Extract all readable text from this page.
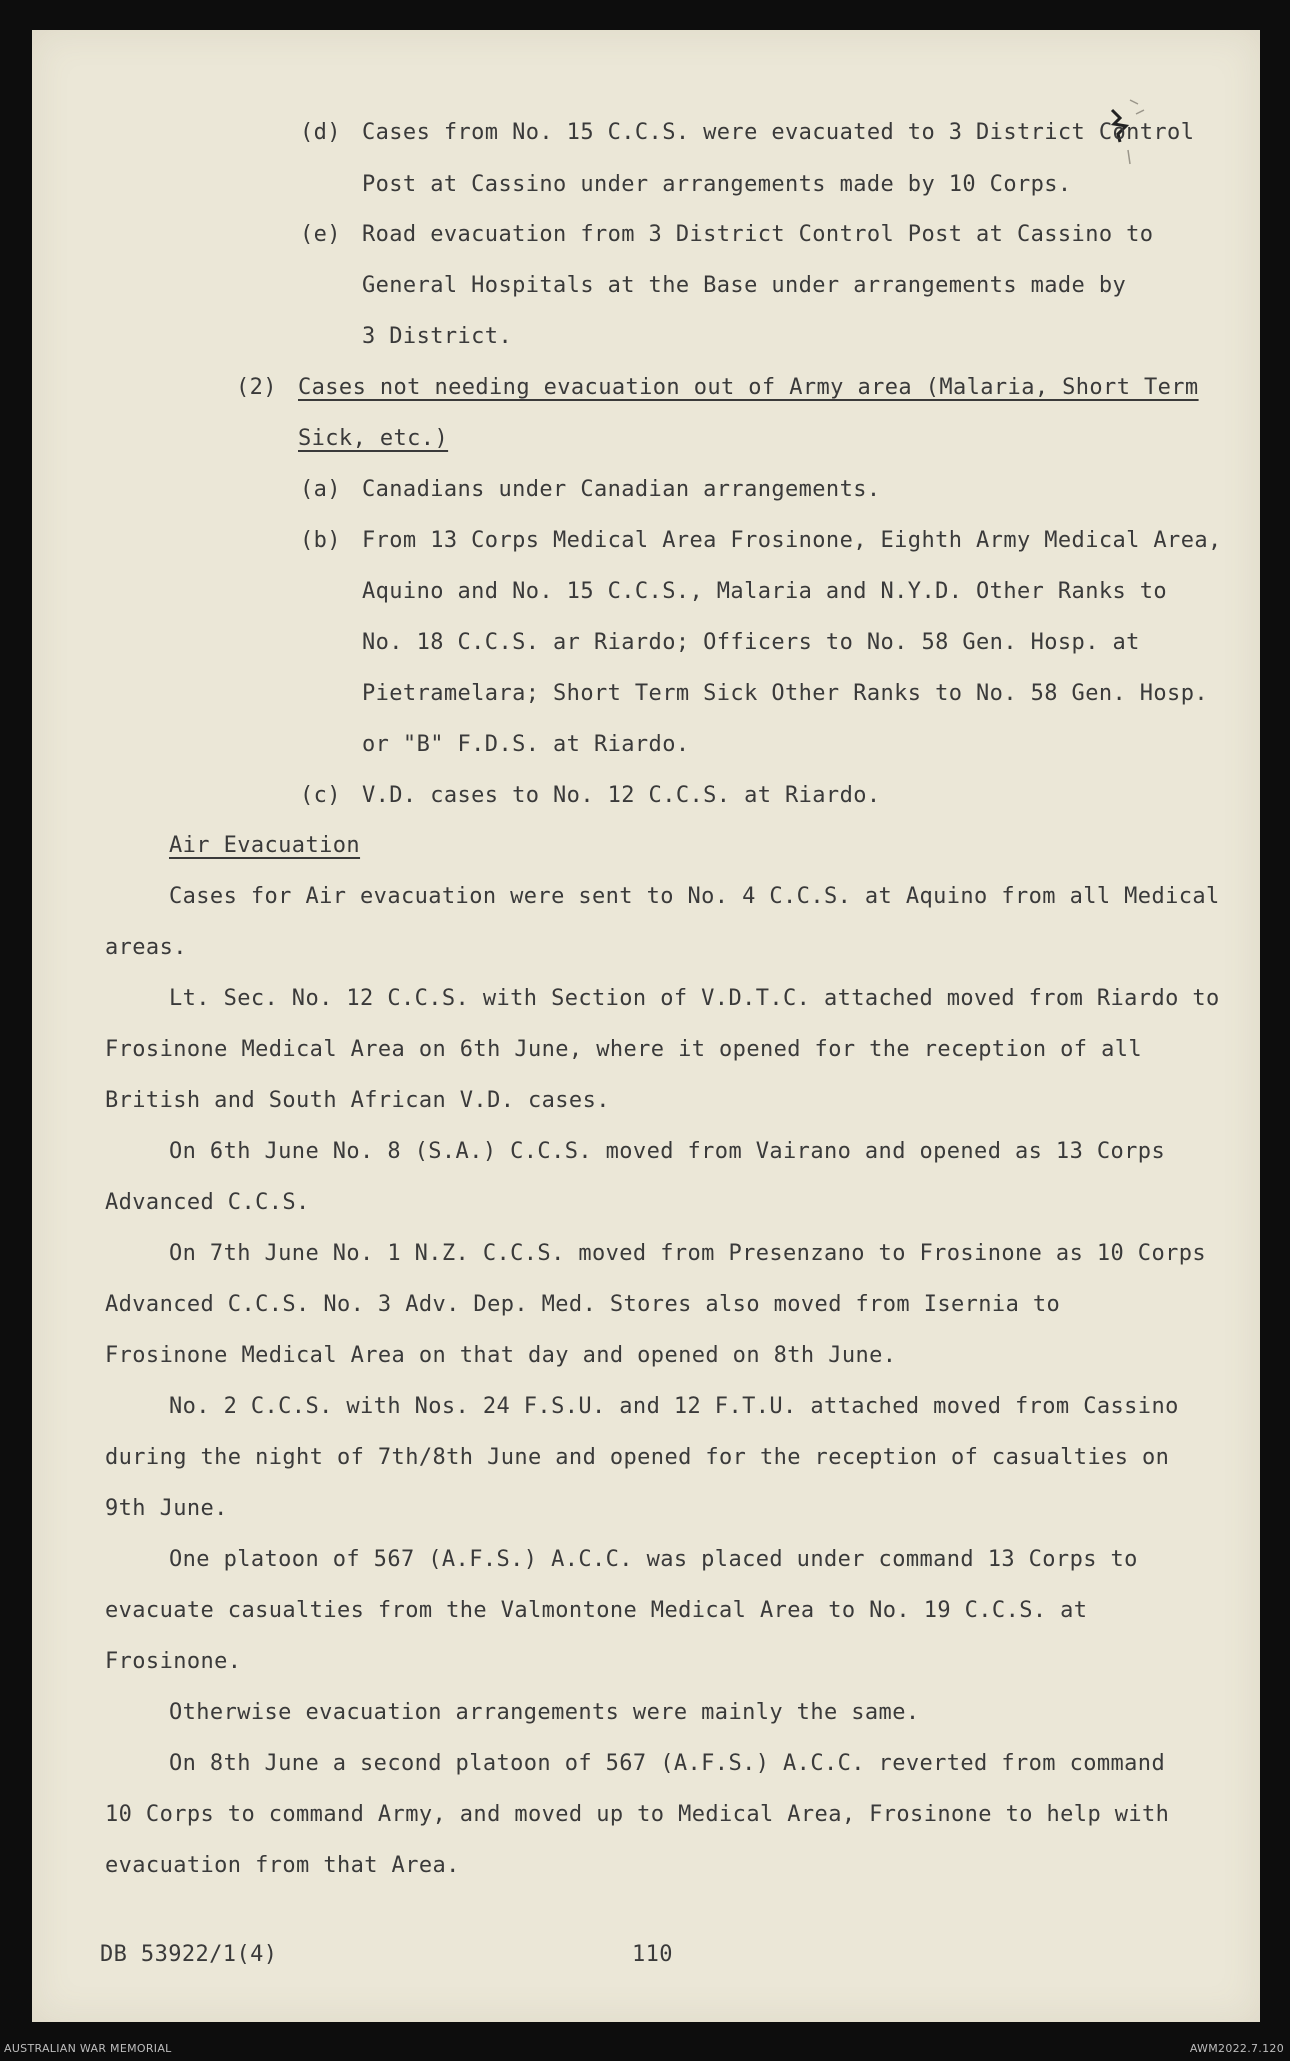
(d) Cases from No. 15 C.C.S. were evacuated to 3 District Control
Post at Cassino under arrangements made by 10 Corps.
(e) Road evacuation from 3 District Control Post at Cassino to
General Hospitals at the Base under arrangements made by
3 District.
(2) Cases not needing evacuation out of Army area (Malaria, Short Term
Sick, etc.)
(a) Canadians under Canadian arrangements.
(b) From 13 Corps Medical Area Frosinone, Eighth Army Medical Area,
Aquino and No. 15 C.C.S., Malaria and N.Y.D. Other Ranks to
No. 18 C.C.S. ar Riardo; Officers to No. 58 Gen. Hosp. at
Pietramelara; Short Term Sick Other Ranks to No. 58 Gen. Hosp.
or "B" F.D.S. at Riardo.
(c) V.D. cases to No. 12 C.C.S. at Riardo.
Air Evacuation
Cases for Air evacuation were sent to No. 4 C.C.S. at Aquino from all Medical
areas.
Lt. Sec. No. 12 C.C.S. with Section of V.D.T.C. attached moved from Riardo to
Frosinone Medical Area on 6th June, where it opened for the reception of all
British and South African V.D. cases.
On 6th June No. 8 (S.A.) C.C.S. moved from Vairano and opened as 13 Corps
Advanced C.C.S.
On 7th June No. 1 N.Z. C.C.S. moved from Presenzano to Frosinone as 10 Corps
Advanced C.C.S. No. 3 Adv. Dep. Med. Stores also moved from Isernia to
Frosinone Medical Area on that day and opened on 8th June.
No. 2 C.C.S. with Nos. 24 F.S.U. and 12 F.T.U. attached moved from Cassino
during the night of 7th/8th June and opened for the reception of casualties on
9th June.
One platoon of 567 (A.F.S.) A.C.C. was placed under command 13 Corps to
evacuate casualties from the Valmontone Medical Area to No. 19 C.C.S. at
Frosinone.
Otherwise evacuation arrangements were mainly the same.
On 8th June a second platoon of 567 (A.F.S.) A.C.C. reverted from command
10 Corps to command Army, and moved up to Medical Area, Frosinone to help with
evacuation from that Area.
DB 53922/1(4)	110
AUSTRALIAN WAR MEMORIAL	AWM2022.7.120
